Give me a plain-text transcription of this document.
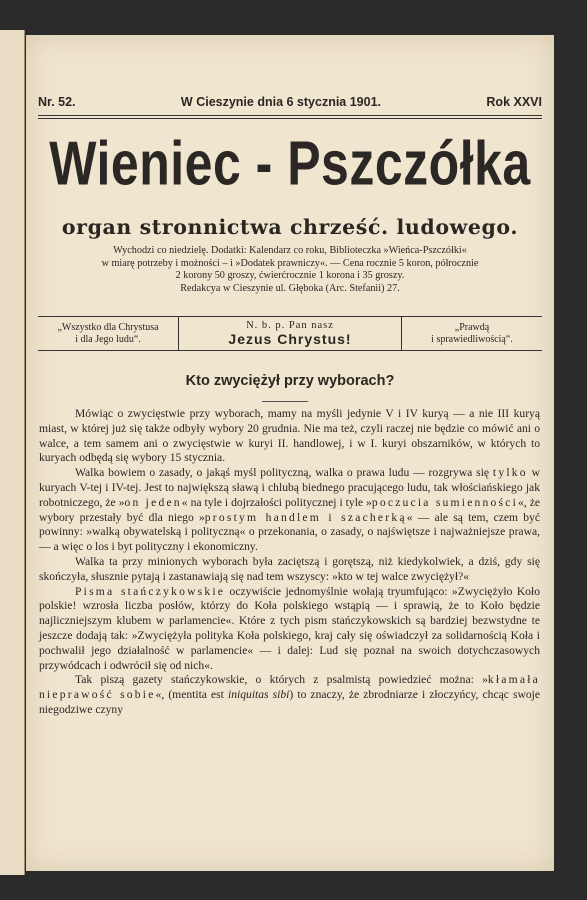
Nr. 52.	W Cieszynie dnia 6 stycznia 1901.	Rok XXVI
Wieniec - Pszczółka
organ stronnictwa chrześć. ludowego.
Wychodzi co niedzielę. Dodatki: Kalendarz co roku, Biblioteczka »Wieńca-Pszczółki«
w miarę potrzeby i możności – i »Dodatek prawniczy«. — Cena rocznie 5 koron, półrocznie
2 korony 50 groszy, ćwierćrocznie 1 korona i 35 groszy.
Redakcya w Cieszynie ul. Głęboka (Arc. Stefanii) 27.
„Wszystko dla Chrystusa
i dla Jego ludu“.
N. b. p. Pan nasz
Jezus Chrystus!
„Prawdą
i sprawiedliwością“.
Kto zwyciężył przy wyborach?

Mówiąc o zwycięstwie przy wyborach, mamy na myśli jedynie V i IV kuryą — a nie III kuryą miast, w której już się także odbyły wybory 20 grudnia. Nie ma też, czyli raczej nie będzie co mówić ani o walce, a tem samem ani o zwycięstwie w kuryi II. handlowej, i w I. kuryi obszarników, w których to kuryach odbędą się wybory 15 stycznia.

Walka bowiem o zasady, o jakąś myśl polityczną, walka o prawa ludu — rozgrywa się tylko w kuryach V-tej i IV-tej. Jest to największą sławą i chlubą biednego pracującego ludu, tak włościańskiego jak robotniczego, że »on jeden« na tyle i dojrzałości politycznej i tyle »poczucia sumienności«, że wybory przestały być dla niego »prostym handlem i szacherką« — ale są tem, czem być powinny: »walką obywatelską i polityczną« o przekonania, o zasady, o najświętsze i najważniejsze prawa, — a więc o los i byt polityczny i ekonomiczny.

Walka ta przy minionych wyborach była zaciętszą i gorętszą, niż kiedykolwiek, a dziś, gdy się skończyła, słusznie pytają i zastanawiają się nad tem wszyscy: »kto w tej walce zwyciężył?«

Pisma stańczykowskie oczywiście jednomyślnie wołają tryumfująco: »Zwyciężyło Koło polskie! wzrosła liczba posłów, którzy do Koła polskiego wstąpią — i sprawią, że to Koło będzie najliczniejszym klubem w parlamencie«. Które z tych pism stańczykowskich są bardziej bezwstydne te jeszcze dodają tak: »Zwyciężyła polityka Koła polskiego, kraj cały się oświadczył za solidarnością Koła i pochwalił jego działalność w parlamencie« — i dalej: Lud się poznał na swoich dotychczasowych przywódcach i odwrócił się od nich«.

Tak piszą gazety stańczykowskie, o których z psalmistą powiedzieć można: »kłamała nieprawość sobie«, (mentita est iniquitas sibi) to znaczy, że zbrodniarze i złoczyńcy, chcąc swoje niegodziwe czyny
